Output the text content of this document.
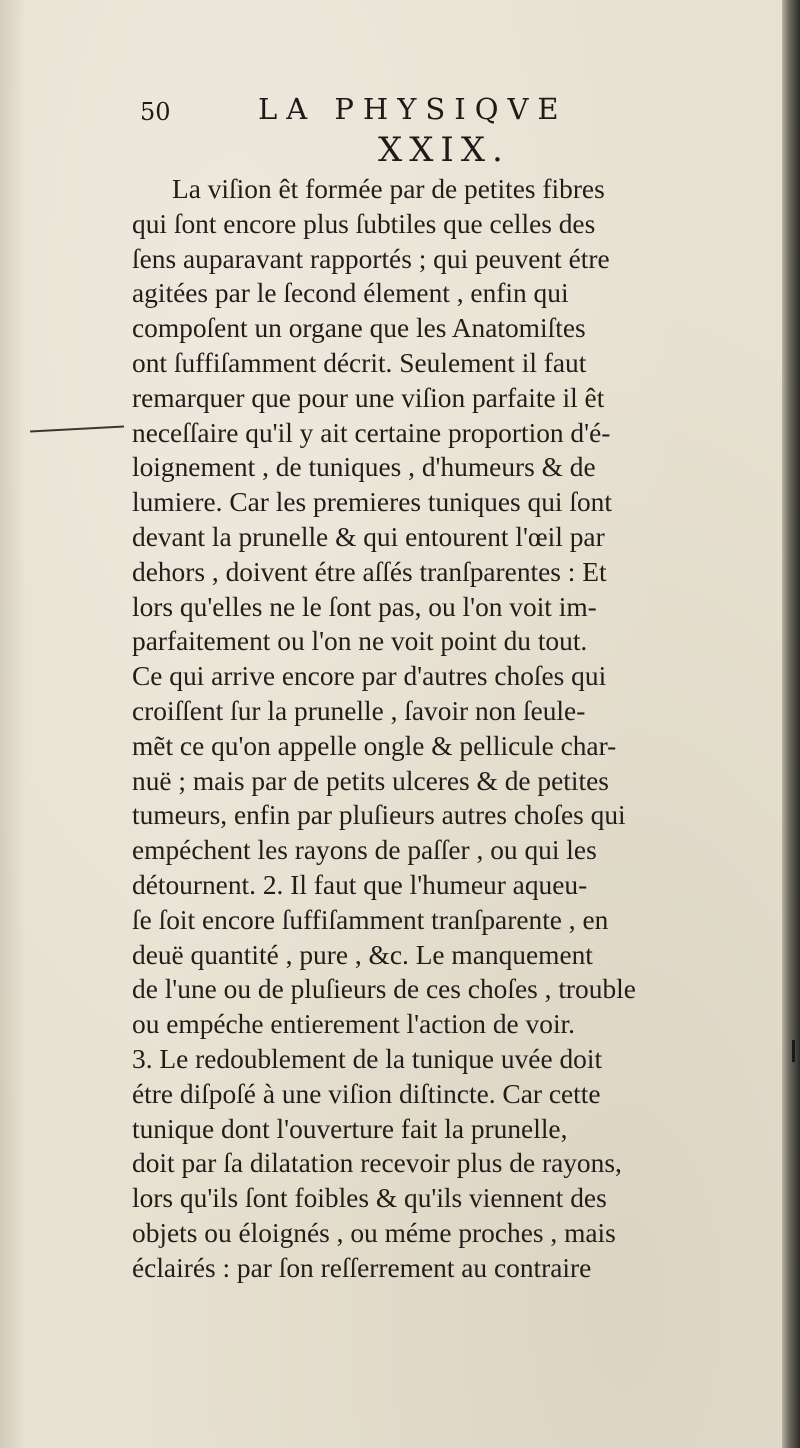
50	LA PHYSIQVE
XXIX.
La viſion êt formée par de petites fibres
qui ſont encore plus ſubtiles que celles des
ſens auparavant rapportés ; qui peuvent étre
agitées par le ſecond élement , enfin qui
compoſent un organe que les Anatomiſtes
ont ſuffiſamment décrit. Seulement il faut
remarquer que pour une viſion parfaite il êt
neceſſaire qu'il y ait certaine proportion d'é-
loignement , de tuniques , d'humeurs & de
lumiere. Car les premieres tuniques qui ſont
devant la prunelle & qui entourent l'œil par
dehors , doivent étre aſſés tranſparentes : Et
lors qu'elles ne le ſont pas, ou l'on voit im-
parfaitement ou l'on ne voit point du tout.
Ce qui arrive encore par d'autres choſes qui
croiſſent ſur la prunelle , ſavoir non ſeule-
mẽt ce qu'on appelle ongle & pellicule char-
nuë ; mais par de petits ulceres & de petites
tumeurs, enfin par pluſieurs autres choſes qui
empéchent les rayons de paſſer , ou qui les
détournent. 2. Il faut que l'humeur aqueu-
ſe ſoit encore ſuffiſamment tranſparente , en
deuë quantité , pure , &c. Le manquement
de l'une ou de pluſieurs de ces choſes , trouble
ou empéche entierement l'action de voir.
3. Le redoublement de la tunique uvée doit
étre diſpoſé à une viſion diſtincte. Car cette
tunique dont l'ouverture fait la prunelle,
doit par ſa dilatation recevoir plus de rayons,
lors qu'ils ſont foibles & qu'ils viennent des
objets ou éloignés , ou méme proches , mais
éclairés : par ſon reſſerrement au contraire
